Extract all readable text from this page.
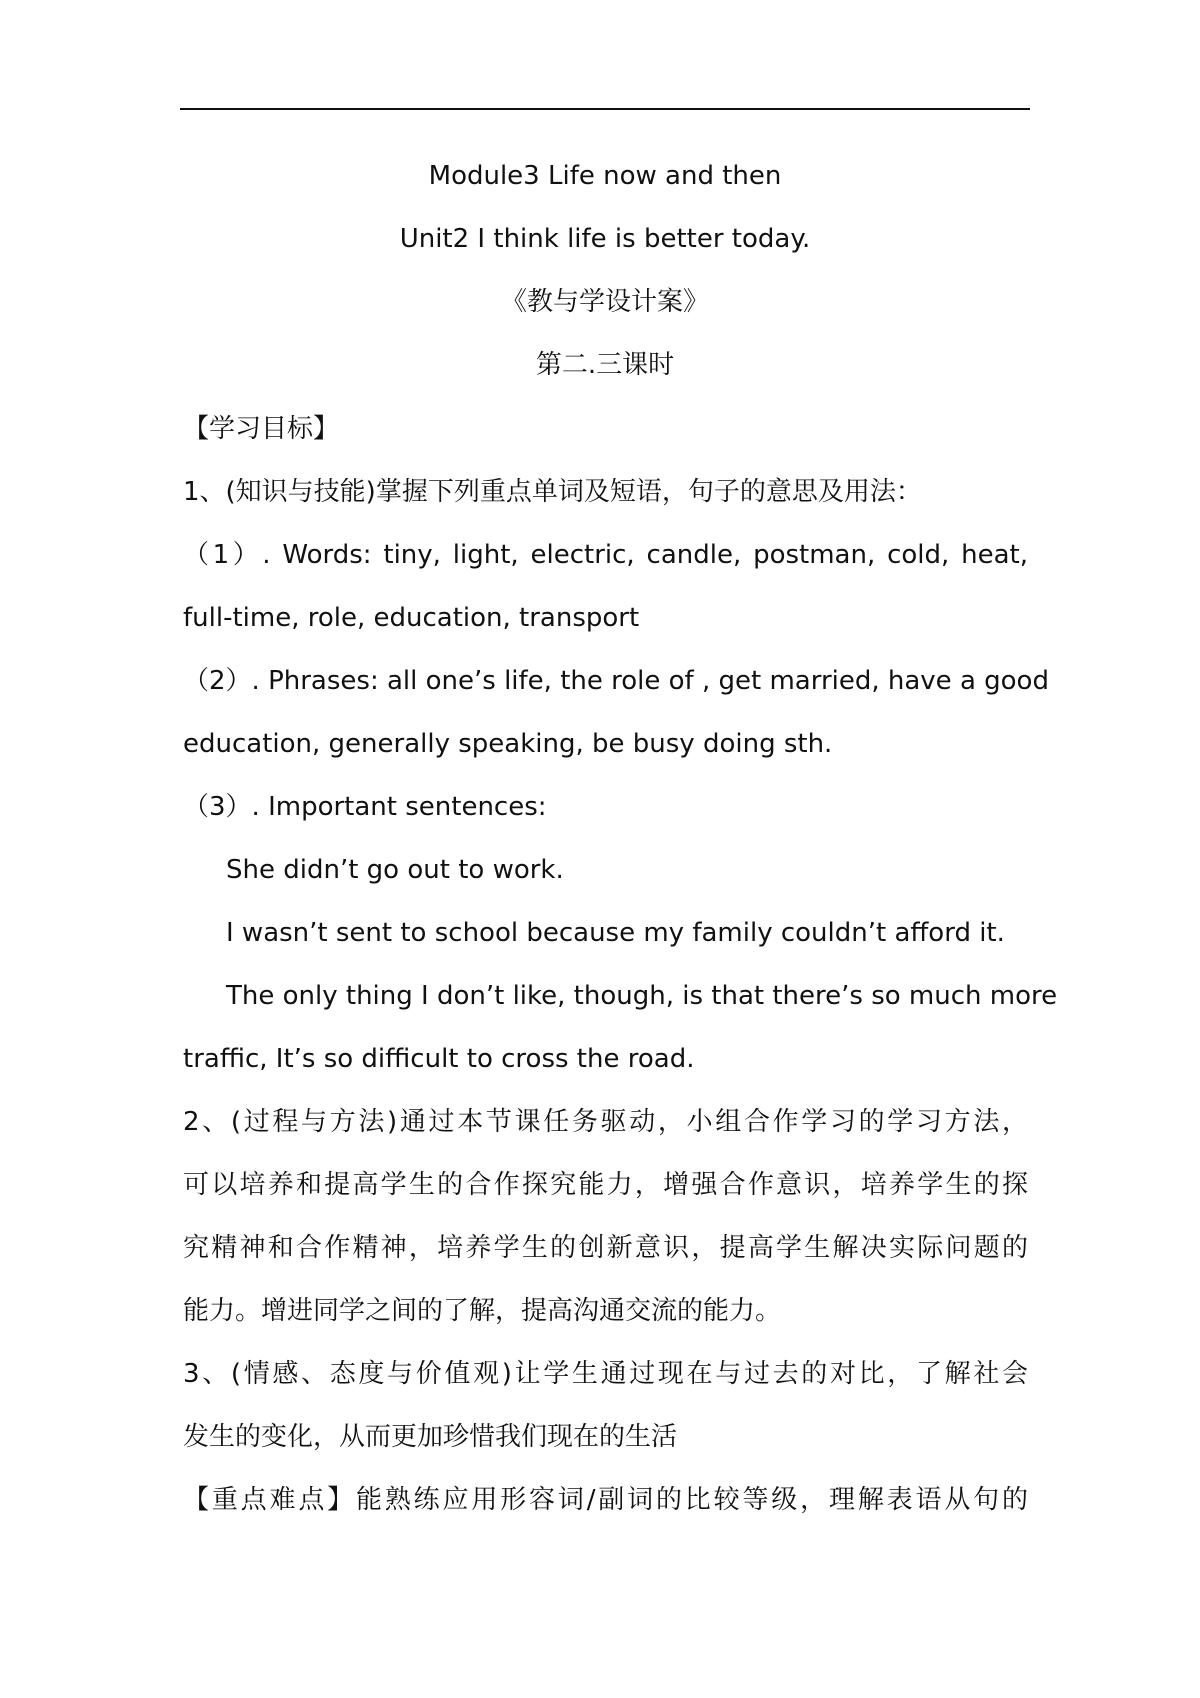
Module3 Life now and then
Unit2 I think life is better today.
《教与学设计案》
第二.三课时
【学习目标】
1、(知识与技能)掌握下列重点单词及短语，句子的意思及用法：
（1）. Words: tiny, light, electric, candle, postman, cold, heat,
full-time, role, education, transport
（2）. Phrases: all one’s life, the role of , get married, have a good
education, generally speaking, be busy doing sth.
（3）. Important sentences:
She didn’t go out to work.
I wasn’t sent to school because my family couldn’t afford it.
The only thing I don’t like, though, is that there’s so much more
traffic, It’s so difficult to cross the road.
2、(过程与方法)通过本节课任务驱动，小组合作学习的学习方法，
可以培养和提高学生的合作探究能力，增强合作意识，培养学生的探
究精神和合作精神，培养学生的创新意识，提高学生解决实际问题的
能力。增进同学之间的了解，提高沟通交流的能力。
3、(情感、态度与价值观)让学生通过现在与过去的对比，了解社会
发生的变化，从而更加珍惜我们现在的生活
【重点难点】能熟练应用形容词/副词的比较等级，理解表语从句的
